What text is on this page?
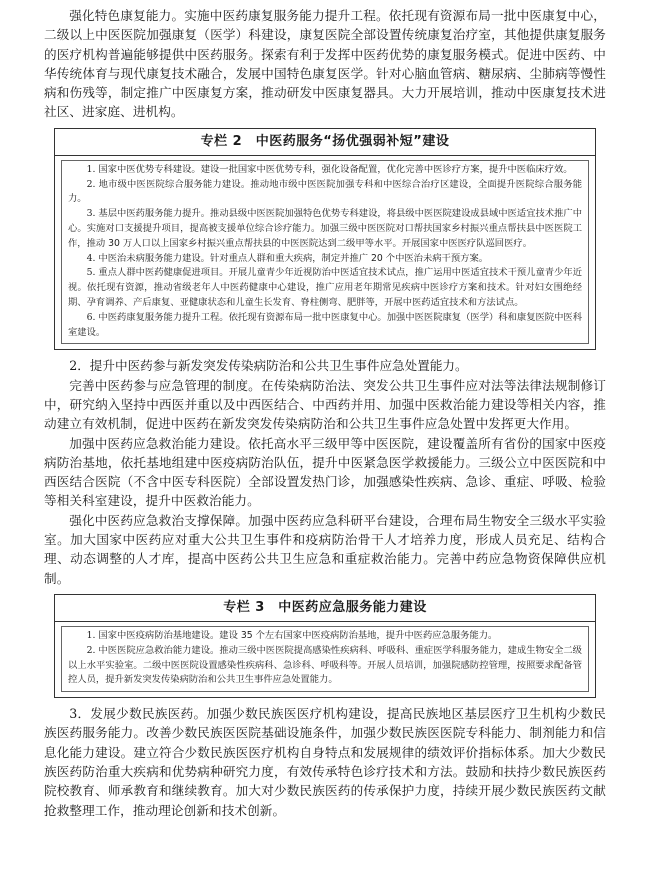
强化特色康复能力。实施中医药康复服务能力提升工程。依托现有资源布局一批中医康复中心，二级以上中医医院加强康复（医学）科建设，康复医院全部设置传统康复治疗室，其他提供康复服务的医疗机构普遍能够提供中医药服务。探索有利于发挥中医药优势的康复服务模式。促进中医药、中华传统体育与现代康复技术融合，发展中国特色康复医学。针对心脑血管病、糖尿病、尘肺病等慢性病和伤残等，制定推广中医康复方案，推动研发中医康复器具。大力开展培训，推动中医康复技术进社区、进家庭、进机构。

专栏 2　中医药服务“扬优强弱补短”建设

1. 国家中医优势专科建设。建设一批国家中医优势专科，强化设备配置，优化完善中医诊疗方案，提升中医临床疗效。

2. 地市级中医医院综合服务能力建设。推动地市级中医医院加强专科和中医综合治疗区建设，全面提升医院综合服务能力。

3. 基层中医药服务能力提升。推动县级中医医院加强特色优势专科建设，将县级中医医院建设成县域中医适宜技术推广中心。实施对口支援提升项目，提高被支援单位综合诊疗能力。加强三级中医医院对口帮扶国家乡村振兴重点帮扶县中医医院工作，推动 30 万人口以上国家乡村振兴重点帮扶县的中医医院达到二级甲等水平。开展国家中医医疗队巡回医疗。

4. 中医治未病服务能力建设。针对重点人群和重大疾病，制定并推广 20 个中医治未病干预方案。

5. 重点人群中医药健康促进项目。开展儿童青少年近视防治中医适宜技术试点，推广运用中医适宜技术干预儿童青少年近视。依托现有资源，推动省级老年人中医药健康中心建设，推广应用老年期常见疾病中医诊疗方案和技术。针对妇女围绝经期、孕育调养、产后康复、亚健康状态和儿童生长发育、脊柱侧弯、肥胖等，开展中医药适宜技术和方法试点。

6. 中医药康复服务能力提升工程。依托现有资源布局一批中医康复中心。加强中医医院康复（医学）科和康复医院中医科室建设。

2．提升中医药参与新发突发传染病防治和公共卫生事件应急处置能力。

完善中医药参与应急管理的制度。在传染病防治法、突发公共卫生事件应对法等法律法规制修订中，研究纳入坚持中西医并重以及中西医结合、中西药并用、加强中医救治能力建设等相关内容，推动建立有效机制，促进中医药在新发突发传染病防治和公共卫生事件应急处置中发挥更大作用。

加强中医药应急救治能力建设。依托高水平三级甲等中医医院，建设覆盖所有省份的国家中医疫病防治基地，依托基地组建中医疫病防治队伍，提升中医紧急医学救援能力。三级公立中医医院和中西医结合医院（不含中医专科医院）全部设置发热门诊，加强感染性疾病、急诊、重症、呼吸、检验等相关科室建设，提升中医救治能力。

强化中医药应急救治支撑保障。加强中医药应急科研平台建设，合理布局生物安全三级水平实验室。加大国家中医药应对重大公共卫生事件和疫病防治骨干人才培养力度，形成人员充足、结构合理、动态调整的人才库，提高中医药公共卫生应急和重症救治能力。完善中药应急物资保障供应机制。

专栏 3　中医药应急服务能力建设

1. 国家中医疫病防治基地建设。建设 35 个左右国家中医疫病防治基地，提升中医药应急服务能力。

2. 中医医院应急救治能力建设。推动三级中医医院提高感染性疾病科、呼吸科、重症医学科服务能力，建成生物安全二级以上水平实验室。二级中医医院设置感染性疾病科、急诊科、呼吸科等。开展人员培训，加强院感防控管理，按照要求配备管控人员，提升新发突发传染病防治和公共卫生事件应急处置能力。

3．发展少数民族医药。加强少数民族医医疗机构建设，提高民族地区基层医疗卫生机构少数民族医药服务能力。改善少数民族医医院基础设施条件，加强少数民族医医院专科能力、制剂能力和信息化能力建设。建立符合少数民族医医疗机构自身特点和发展规律的绩效评价指标体系。加大少数民族医药防治重大疾病和优势病种研究力度，有效传承特色诊疗技术和方法。鼓励和扶持少数民族医药院校教育、师承教育和继续教育。加大对少数民族医药的传承保护力度，持续开展少数民族医药文献抢救整理工作，推动理论创新和技术创新。
